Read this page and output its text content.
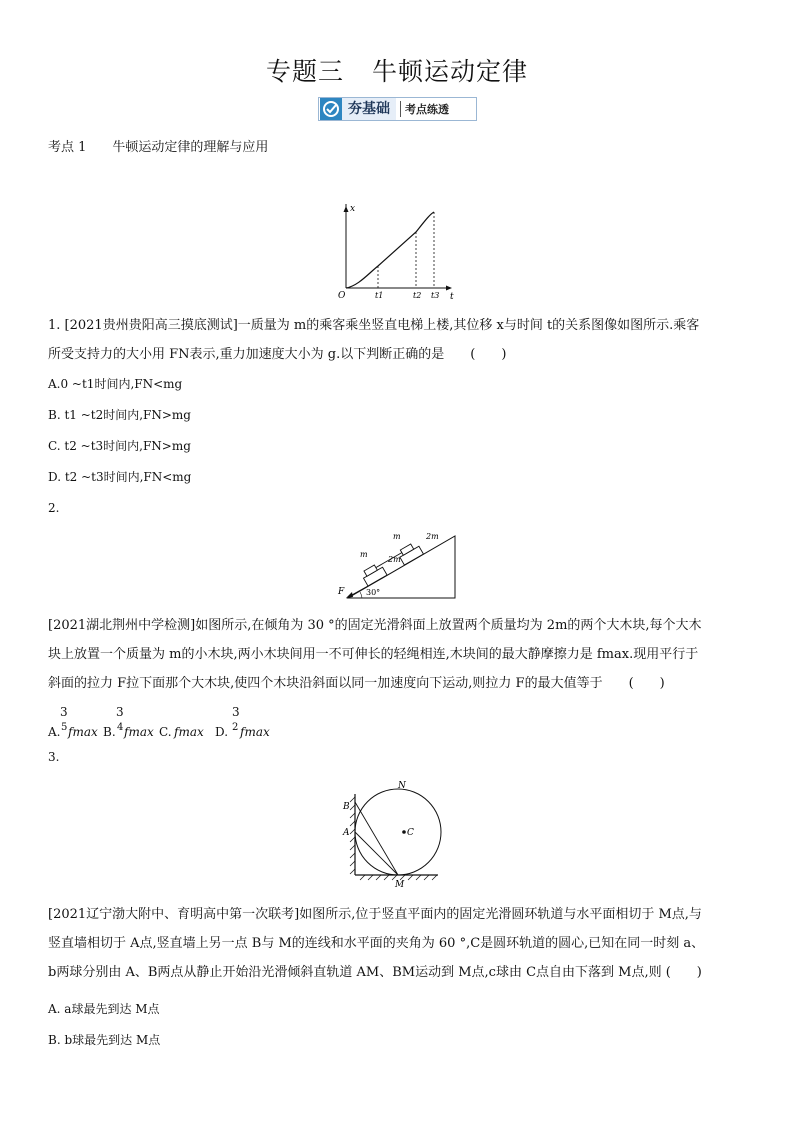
专题三 牛顿运动定律
夯基础	考点练透
考点 1 牛顿运动定律的理解与应用
x
t
O	t1	t2 t3
1. [2021贵州贵阳高三摸底测试]一质量为 m的乘客乘坐竖直电梯上楼,其位移 x与时间 t的关系图像如图所示.乘客
所受支持力的大小用 FN表示,重力加速度大小为 g.以下判断正确的是　　(　　)
A.0 ~t1时间内,FN<mg
B. t1 ~t2时间内,FN>mg
C. t2 ~t3时间内,FN>mg
D. t2 ~t3时间内,FN<mg
2.
F	30°
m
2m
m	2m
[2021湖北荆州中学检测]如图所示,在倾角为 30 °的固定光滑斜面上放置两个质量均为 2m的两个大木块,每个大木
块上放置一个质量为 m的小木块,两小木块间用一不可伸长的轻绳相连,木块间的最大静摩擦力是 fmax.现用平行于
斜面的拉力 F拉下面那个大木块,使四个木块沿斜面以同一加速度向下运动,则拉力 F的最大值等于　　(　　)
3
A. 5 fmax
3
B. 4 fmax C. fmax
3
D. 2 fmax
3.
N
B
A	C
M
[2021辽宁渤大附中、育明高中第一次联考]如图所示,位于竖直平面内的固定光滑圆环轨道与水平面相切于 M点,与
竖直墙相切于 A点,竖直墙上另一点 B与 M的连线和水平面的夹角为 60 °,C是圆环轨道的圆心,已知在同一时刻 a、
b两球分别由 A、B两点从静止开始沿光滑倾斜直轨道 AM、BM运动到 M点,c球由 C点自由下落到 M点,则 (　　)
A. a球最先到达 M点
B. b球最先到达 M点
